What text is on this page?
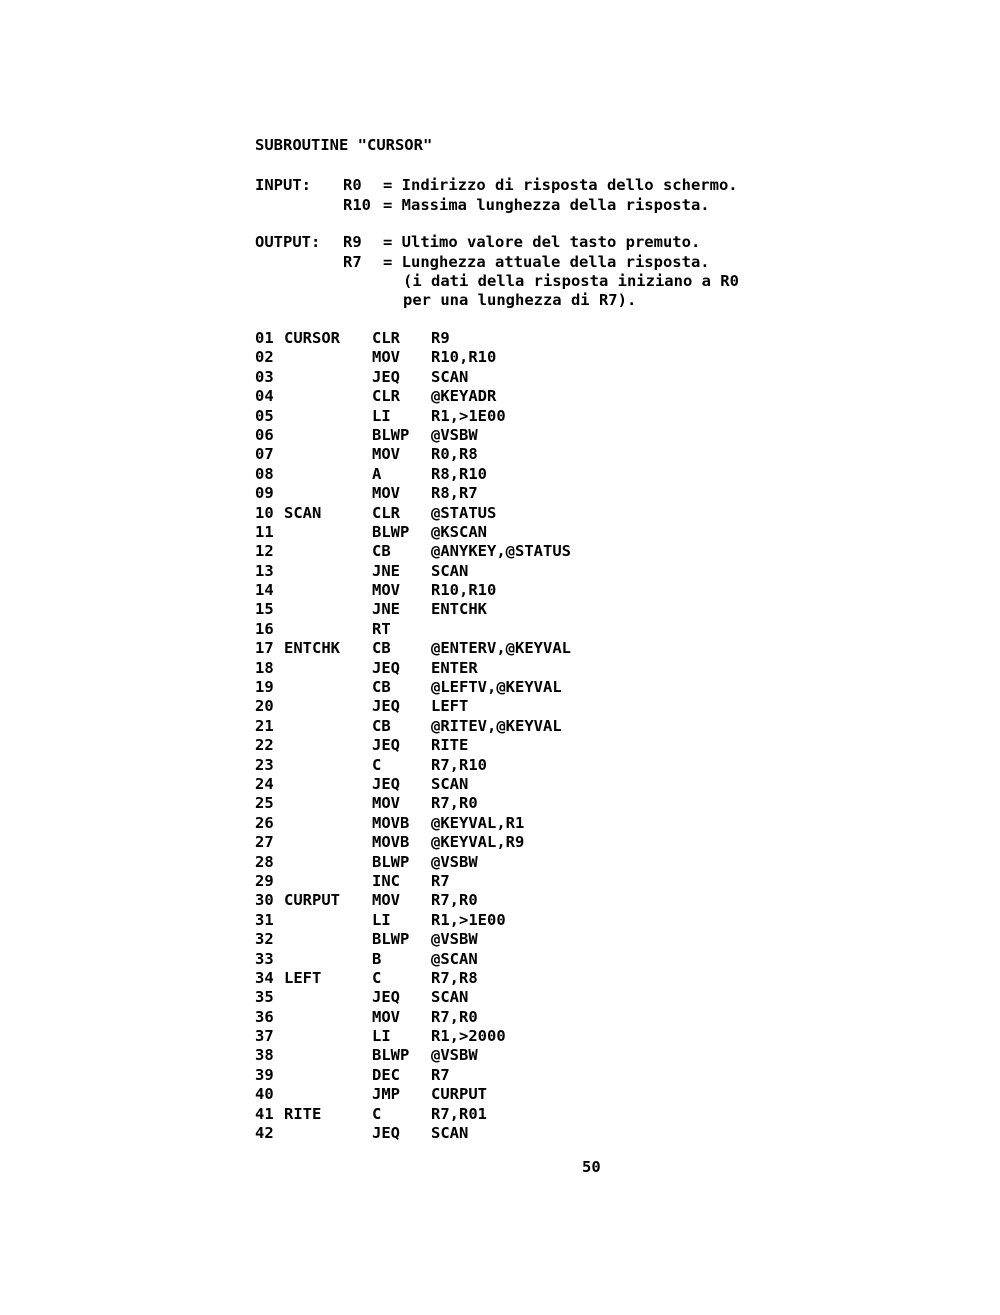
SUBROUTINE "CURSOR"
INPUT: R0 = Indirizzo di risposta dello schermo.
R10 = Massima lunghezza della risposta.
OUTPUT: R9 = Ultimo valore del tasto premuto.
R7 = Lunghezza attuale della risposta.
(i dati della risposta iniziano a R0
per una lunghezza di R7).
01 CURSOR CLR R9
02	MOV R10,R10
03	JEQ SCAN
04	CLR @KEYADR
05	LI	R1,>1E00
06	BLWP @VSBW
07	MOV R0,R8
08	A	R8,R10
09	MOV R8,R7
10 SCAN	CLR @STATUS
11	BLWP @KSCAN
12	CB	@ANYKEY,@STATUS
13	JNE SCAN
14	MOV R10,R10
15	JNE ENTCHK
16	RT
17 ENTCHK CB	@ENTERV,@KEYVAL
18	JEQ ENTER
19	CB	@LEFTV,@KEYVAL
20	JEQ LEFT
21	CB	@RITEV,@KEYVAL
22	JEQ RITE
23	C	R7,R10
24	JEQ SCAN
25	MOV R7,R0
26	MOVB @KEYVAL,R1
27	MOVB @KEYVAL,R9
28	BLWP @VSBW
29	INC R7
30 CURPUT MOV R7,R0
31	LI	R1,>1E00
32	BLWP @VSBW
33	B	@SCAN
34 LEFT	C	R7,R8
35	JEQ SCAN
36	MOV R7,R0
37	LI	R1,>2000
38	BLWP @VSBW
39	DEC R7
40	JMP CURPUT
41 RITE	C	R7,R01
42	JEQ SCAN
50
